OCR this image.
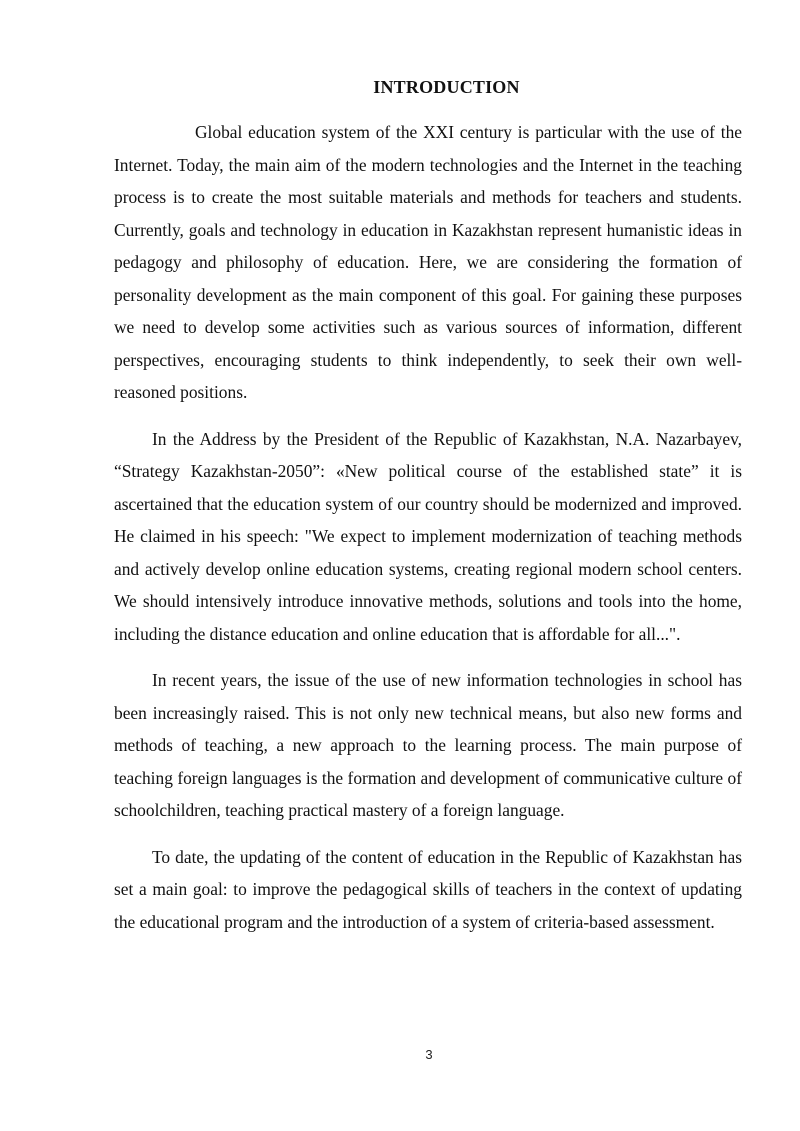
INTRODUCTION

Global education system of the XXI century is particular with the use of the Internet. Today, the main aim of the modern technologies and the Internet in the teaching process is to create the most suitable materials and methods for teachers and students. Currently, goals and technology in education in Kazakhstan represent humanistic ideas in pedagogy and philosophy of education. Here, we are considering the formation of personality development as the main component of this goal. For gaining these purposes we need to develop some activities such as various sources of information, different perspectives, encouraging students to think independently, to seek their own well-reasoned positions.

In the Address by the President of the Republic of Kazakhstan, N.A. Nazarbayev, “Strategy Kazakhstan-2050”: «New political course of the established state” it is ascertained that the education system of our country should be modernized and improved. He claimed in his speech: "We expect to implement modernization of teaching methods and actively develop online education systems, creating regional modern school centers. We should intensively introduce innovative methods, solutions and tools into the home, including the distance education and online education that is affordable for all...".

In recent years, the issue of the use of new information technologies in school has been increasingly raised. This is not only new technical means, but also new forms and methods of teaching, a new approach to the learning process. The main purpose of teaching foreign languages is the formation and development of communicative culture of schoolchildren, teaching practical mastery of a foreign language.

To date, the updating of the content of education in the Republic of Kazakhstan has set a main goal: to improve the pedagogical skills of teachers in the context of updating the educational program and the introduction of a system of criteria-based assessment.

3
